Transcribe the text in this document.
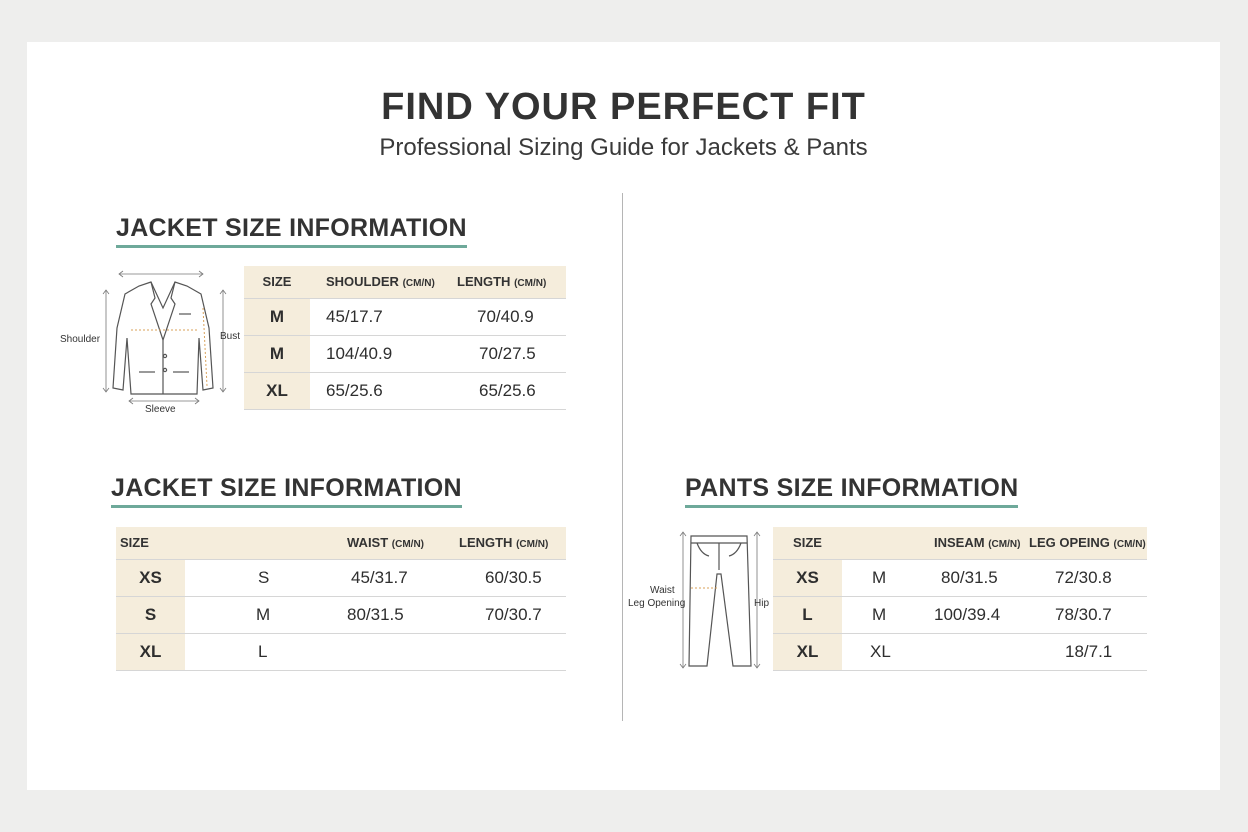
FIND YOUR PERFECT FIT
Professional Sizing Guide for Jackets & Pants
JACKET SIZE INFORMATION
Shoulder	Bust
Sleeve
SIZE	SHOULDER (CM/N)	LENGTH (CM/N)
M	45/17.7	70/40.9
M	104/40.9	70/27.5
XL	65/25.6	65/25.6
JACKET SIZE INFORMATION
SIZE		WAIST (CM/N)	LENGTH (CM/N)
XS	S	45/31.7	60/30.5
S	M	80/31.5	70/30.7
XL	L		
PANTS SIZE INFORMATION
Waist
Leg Opening	Hip
SIZE		INSEAM (CM/N)	LEG OPEING (CM/N)
XS	M	80/31.5	72/30.8
L	M	100/39.4	78/30.7
XL	XL		18/7.1
